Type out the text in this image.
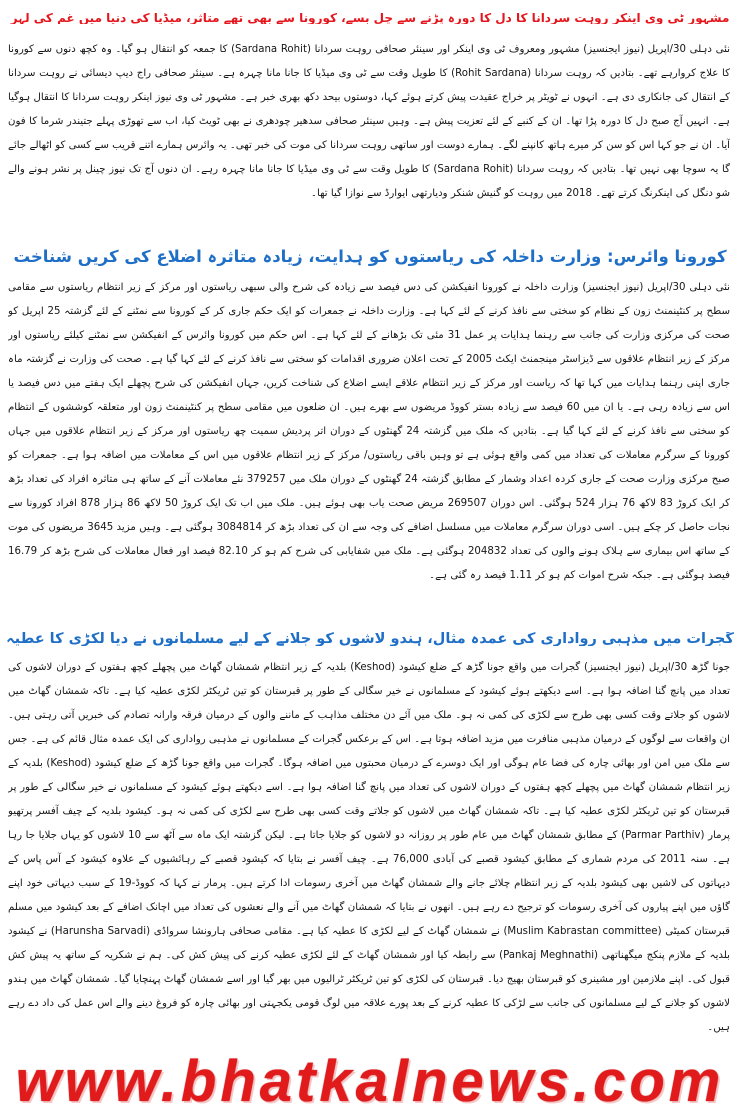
مشہور ٹی وی اینکر روہت سردانا کا دل کا دورہ پڑنے سے چل بسے، کورونا سے بھی تھے متاثر، میڈیا کی دنیا میں غم کی لہر

نئی دہلی 30/اپریل (نیوز ایجنسیز) مشہور ومعروف ٹی وی اینکر اور سینئر صحافی روہت سردانا (Sardana Rohit) کا جمعہ کو انتقال ہو گیا۔ وہ کچھ دنوں سے کورونا کا علاج کروارہے تھے۔ بتادیں کہ روہت سردانا (Rohit Sardana) کا طویل وقت سے ٹی وی میڈیا کا جانا مانا چہرہ ہے۔ سینئر صحافی راج دیپ دیسائی نے روہت سردانا کے انتقال کی جانکاری دی ہے۔ انہوں نے ٹویٹر پر خراج عقیدت پیش کرتے ہوئے کہا، دوستوں بیحد دکھ بھری خبر ہے۔ مشہور ٹی وی نیوز اینکر روہت سردانا کا انتقال ہوگیا ہے۔ انہیں آج صبح دل کا دورہ پڑا تھا۔ ان کے کنبے کے لئے تعزیت پیش ہے۔ وہیں سینئر صحافی سدھیر چودھری نے بھی ٹویٹ کیا، اب سے تھوڑی پہلے جتیندر شرما کا فون آیا۔ ان نے جو کہا اس کو سن کر میرے ہاتھ کانپنے لگے۔ ہمارے دوست اور ساتھی روہت سردانا کی موت کی خبر تھی۔ یہ وائرس ہمارے اتنے قریب سے کسی کو اٹھالے جائے گا یہ سوچا بھی نہیں تھا۔ بتادیں کہ روہت سردانا (Sardana Rohit) کا طویل وقت سے ٹی وی میڈیا کا جانا مانا چہرہ رہے۔ ان دنوں آج تک نیوز چینل پر نشر ہونے والے شو دنگل کی اینکرنگ کرتے تھے۔ 2018 میں روہت کو گنیش شنکر ودیارتھی ایوارڈ سے نوازا گیا تھا۔

کورونا وائرس: وزارت داخلہ کی ریاستوں کو ہدایت، زیادہ متاثرہ اضلاع کی کریں شناخت

نئی دہلی 30/اپریل (نیوز ایجنسیز) وزارت داخلہ نے کورونا انفیکشن کی دس فیصد سے زیادہ کی شرح والی سبھی ریاستوں اور مرکز کے زیر انتظام ریاستوں سے مقامی سطح پر کنٹینمنٹ زون کے نظام کو سختی سے نافذ کرنے کے لئے کہا ہے۔ وزارت داخلہ نے جمعرات کو ایک حکم جاری کر کے کورونا سے نمٹنے کے لئے گزشتہ 25 اپریل کو صحت کی مرکزی وزارت کی جانب سے رہنما ہدایات پر عمل 31 مئی تک بڑھانے کے لئے کہا ہے۔ اس حکم میں کورونا وائرس کے انفیکشن سے نمٹنے کیلئے ریاستوں اور مرکز کے زیر انتظام علاقوں سے ڈیزاسٹر مینجمنٹ ایکٹ 2005 کے تحت اعلان ضروری اقدامات کو سختی سے نافذ کرنے کے لئے کہا گیا ہے۔ صحت کی وزارت نے گزشتہ ماہ جاری اپنی رہنما ہدایات میں کہا تھا کہ ریاست اور مرکز کے زیر انتظام علاقے ایسے اضلاع کی شناخت کریں، جہاں انفیکشن کی شرح پچھلے ایک ہفتے میں دس فیصد یا اس سے زیادہ رہی ہے۔ یا ان میں 60 فیصد سے زیادہ بستر کووڈ مریضوں سے بھرے ہیں۔ ان ضلعوں میں مقامی سطح پر کنٹینمنٹ زون اور متعلقہ کوششوں کے انتظام کو سختی سے نافذ کرنے کے لئے کہا گیا ہے۔ بتادیں کہ ملک میں گزشتہ 24 گھنٹوں کے دوران اتر پردیش سمیت چھ ریاستوں اور مرکز کے زیر انتظام علاقوں میں جہاں کورونا کے سرگرم معاملات کی تعداد میں کمی واقع ہوئی ہے تو وہیں باقی ریاستوں/ مرکز کے زیر انتظام علاقوں میں اس کے معاملات میں اضافہ ہوا ہے۔ جمعرات کو صبح مرکزی وزارت صحت کے جاری کردہ اعداد وشمار کے مطابق گزشتہ 24 گھنٹوں کے دوران ملک میں 379257 نئے معاملات آنے کے ساتھ ہی متاثرہ افراد کی تعداد بڑھ کر ایک کروڑ 83 لاکھ 76 ہزار 524 ہوگئی۔ اس دوران 269507 مریض صحت یاب بھی ہوئے ہیں۔ ملک میں اب تک ایک کروڑ 50 لاکھ 86 ہزار 878 افراد کورونا سے نجات حاصل کر چکے ہیں۔ اسی دوران سرگرم معاملات میں مسلسل اضافے کی وجہ سے ان کی تعداد بڑھ کر 3084814 ہوگئی ہے۔ وہیں مزید 3645 مریضوں کی موت کے ساتھ اس بیماری سے ہلاک ہونے والوں کی تعداد 204832 ہوگئی ہے۔ ملک میں شفایابی کی شرح کم ہو کر 82.10 فیصد اور فعال معاملات کی شرح بڑھ کر 16.79 فیصد ہوگئی ہے۔ جبکہ شرح اموات کم ہو کر 1.11 فیصد رہ گئی ہے۔

گجرات میں مذہبی رواداری کی عمدہ مثال، ہندو لاشوں کو جلانے کے لیے مسلمانوں نے دیا لکڑی کا عطیہ

جونا گڑھ 30/اپریل (نیوز ایجنسیز) گجرات میں واقع جونا گڑھ کے ضلع کیشود (Keshod) بلدیہ کے زیر انتظام شمشان گھاٹ میں پچھلے کچھ ہفتوں کے دوران لاشوں کی تعداد میں پانچ گنا اضافہ ہوا ہے۔ اسے دیکھتے ہوئے کیشود کے مسلمانوں نے خیر سگالی کے طور پر قبرستان کو تین ٹریکٹر لکڑی عطیہ کیا ہے۔ تاکہ شمشان گھاٹ میں لاشوں کو جلاتے وقت کسی بھی طرح سے لکڑی کی کمی نہ ہو۔ ملک میں آئے دن مختلف مذاہب کے ماننے والوں کے درمیان فرقہ وارانہ تصادم کی خبریں آتی رہتی ہیں۔ ان واقعات سے لوگوں کے درمیان مذہبی منافرت میں مزید اضافہ ہوتا ہے۔ اس کے برعکس گجرات کے مسلمانوں نے مذہبی رواداری کی ایک عمدہ مثال قائم کی ہے۔ جس سے ملک میں امن اور بھائی چارہ کی فضا عام ہوگی اور ایک دوسرے کے درمیان محبتوں میں اضافہ ہوگا۔ گجرات میں واقع جونا گڑھ کے ضلع کیشود (Keshod) بلدیہ کے زیر انتظام شمشان گھاٹ میں پچھلے کچھ ہفتوں کے دوران لاشوں کی تعداد میں پانچ گنا اضافہ ہوا ہے۔ اسے دیکھتے ہوئے کیشود کے مسلمانوں نے خیر سگالی کے طور پر قبرستان کو تین ٹریکٹر لکڑی عطیہ کیا ہے۔ تاکہ شمشان گھاٹ میں لاشوں کو جلاتے وقت کسی بھی طرح سے لکڑی کی کمی نہ ہو۔ کیشود بلدیہ کے چیف آفسر پرتھیو پرمار (Parmar Parthiv) کے مطابق شمشان گھاٹ میں عام طور پر روزانہ دو لاشوں کو جلایا جاتا ہے۔ لیکن گزشتہ ایک ماہ سے آٹھ سے 10 لاشوں کو یہاں جلایا جا رہا ہے۔ سنہ 2011 کی مردم شماری کے مطابق کیشود قصبے کی آبادی 76,000 ہے۔ چیف آفسر نے بتایا کہ کیشود قصبے کے رہائشیوں کے علاوہ کیشود کے آس پاس کے دیہاتوں کی لاشیں بھی کیشود بلدیہ کے زیر انتظام چلائے جانے والے شمشان گھاٹ میں آخری رسومات ادا کرتے ہیں۔ پرمار نے کہا کہ کووڈ-19 کے سبب دیہاتی خود اپنے گاؤں میں اپنے پیاروں کی آخری رسومات کو ترجیح دے رہے ہیں۔ انھوں نے بتایا کہ شمشان گھاٹ میں آنے والے نعشوں کی تعداد میں اچانک اضافے کے بعد کیشود میں مسلم قبرستان کمیٹی (Muslim Kabrastan committee) نے شمشان گھاٹ کے لیے لکڑی کا عطیہ کیا ہے۔ مقامی صحافی ہارونشا سرواڈی (Harunsha Sarvadi) نے کیشود بلدیہ کے ملازم پنکج میگھناتھی (Pankaj Meghnathi) سے رابطہ کیا اور شمشان گھاٹ کے لئے لکڑی عطیہ کرنے کی پیش کش کی۔ ہم نے شکریہ کے ساتھ یہ پیش کش قبول کی۔ اپنے ملازمین اور مشینری کو قبرستان بھیج دیا۔ قبرستان کی لکڑی کو تین ٹریکٹر ٹرالیوں میں بھر گیا اور اسے شمشان گھاٹ پہنچایا گیا۔ شمشان گھاٹ میں ہندو لاشوں کو جلانے کے لیے مسلمانوں کی جانب سے لڑکی کا عطیہ کرنے کے بعد پورے علاقہ میں لوگ قومی یکجہتی اور بھائی چارہ کو فروغ دینے والے اس عمل کی داد دے رہے ہیں۔

www.bhatkalnews.com
